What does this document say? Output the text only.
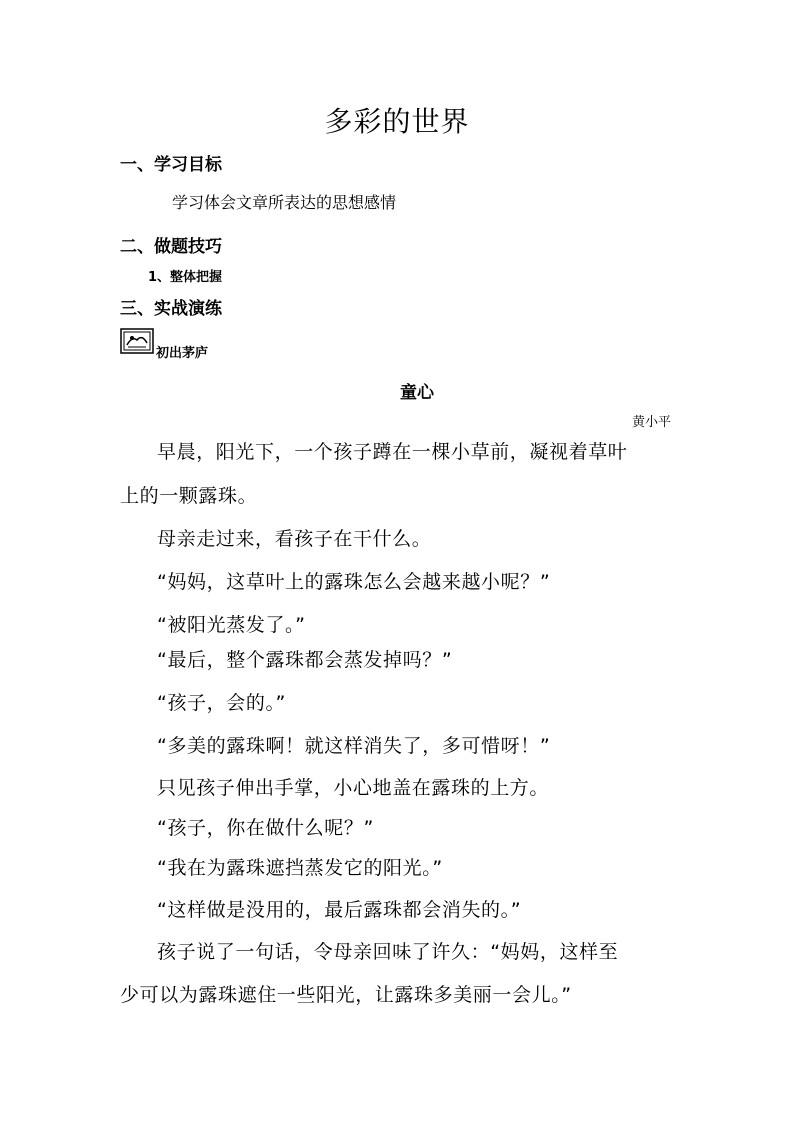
多彩的世界
一、学习目标
学习体会文章所表达的思想感情
二、做题技巧
1、整体把握
三、实战演练
初出茅庐
童心
黄小平
早晨，阳光下，一个孩子蹲在一棵小草前，凝视着草叶
上的一颗露珠。
母亲走过来，看孩子在干什么。
“妈妈，这草叶上的露珠怎么会越来越小呢？”
“被阳光蒸发了。”
“最后，整个露珠都会蒸发掉吗？”
“孩子，会的。”
“多美的露珠啊！就这样消失了，多可惜呀！”
只见孩子伸出手掌，小心地盖在露珠的上方。
“孩子，你在做什么呢？”
“我在为露珠遮挡蒸发它的阳光。”
“这样做是没用的，最后露珠都会消失的。”
孩子说了一句话，令母亲回味了许久：“妈妈，这样至
少可以为露珠遮住一些阳光，让露珠多美丽一会儿。”
